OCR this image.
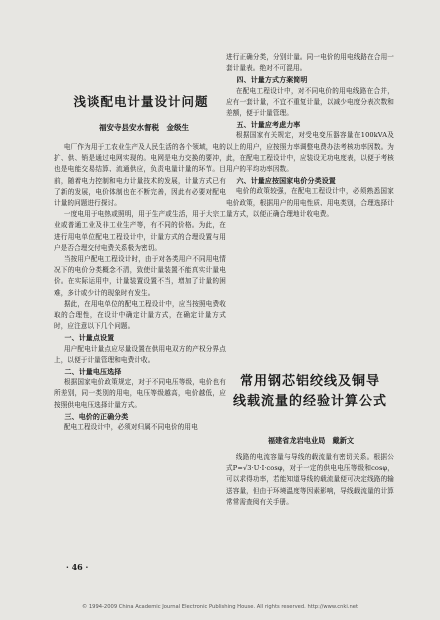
浅谈配电计量设计问题
福安寺县安水督税　金级生

电厂作为用于工农业生产及人民生活的各个领域，电的扩、供、销是通过电网实现的。电网是电力交换的要冲，也是电能交易结算、流通供应，负责电量计量的环节。目前，随着电力控制和电力计量技术的发展，计量方式已有了新的发展，电价体制也在不断完善，因此有必要对配电计量的问题进行探讨。

一度电用于电热或照明，用于生产或生活，用于大宗工业或普通工业及非工业生产等，有不同的价格。为此，在进行用电单位配电工程设计中，计量方式的合理设置与用户是否合理交付电费关系极为密切。

当按用户配电工程设计时，由于对各类用户不同用电情况下的电价分类概念不清，致使计量装置不能真实计量电价。在实际运用中，计量装置设置不当，增加了计量的困难，多计或少计的现象时有发生。

据此，在用电单位的配电工程设计中，应当按照电费收取的合理性，在设计中确定计量方式，在确定计量方式时，应注意以下几个问题。

一、计量点设置

用户配电计量点应尽量设置在供用电双方的产权分界点上，以便于计量管理和电费计收。

二、计量电压选择

根据国家电价政策规定，对于不同电压等级，电价也有所差别，同一类别的用电，电压等级越高，电价越低，应按照供电电压选择计量方式。

三、电价的正确分类

配电工程设计中，必须对归属不同电价的用电

进行正确分类，分别计量。同一电价的用电线路在合用一套计量表。绝对不可混用。

四、计量方式方案简明

在配电工程设计中，对不同电价的用电线路在合并，应有一套计量，不宜不重复计量，以减少电度分表次数和差额，便于计量管理。

五、计量应考虑力率

根据国家有关规定，对受电变压器容量在100kVA及以上的用户，应按照力率调整电费办法考核功率因数。为此，在配电工程设计中，应装设无功电度表，以便于考核用户的平均功率因数。

六、计量应按国家电价分类设置

电价的政策较强，在配电工程设计中，必须熟悉国家电价政策，根据用户的用电性质、用电类别，合理选择计量方式，以便正确合理地计收电费。

常用钢芯铝绞线及铜导
线载流量的经验计算公式
福建省龙岩电业局　戴新文

线路的电流容量与导线的载流量有密切关系。根据公式P=√3·U·I·cosφ，对于一定的供电电压等级和cosφ，可以求得功率，若能知道导线的载流量便可决定线路的输送容量，但由于环境温度等因素影响，导线载流量的计算常常需查阅有关手册。

· 46 ·
© 1994-2009 China Academic Journal Electronic Publishing House. All rights reserved. http://www.cnki.net
